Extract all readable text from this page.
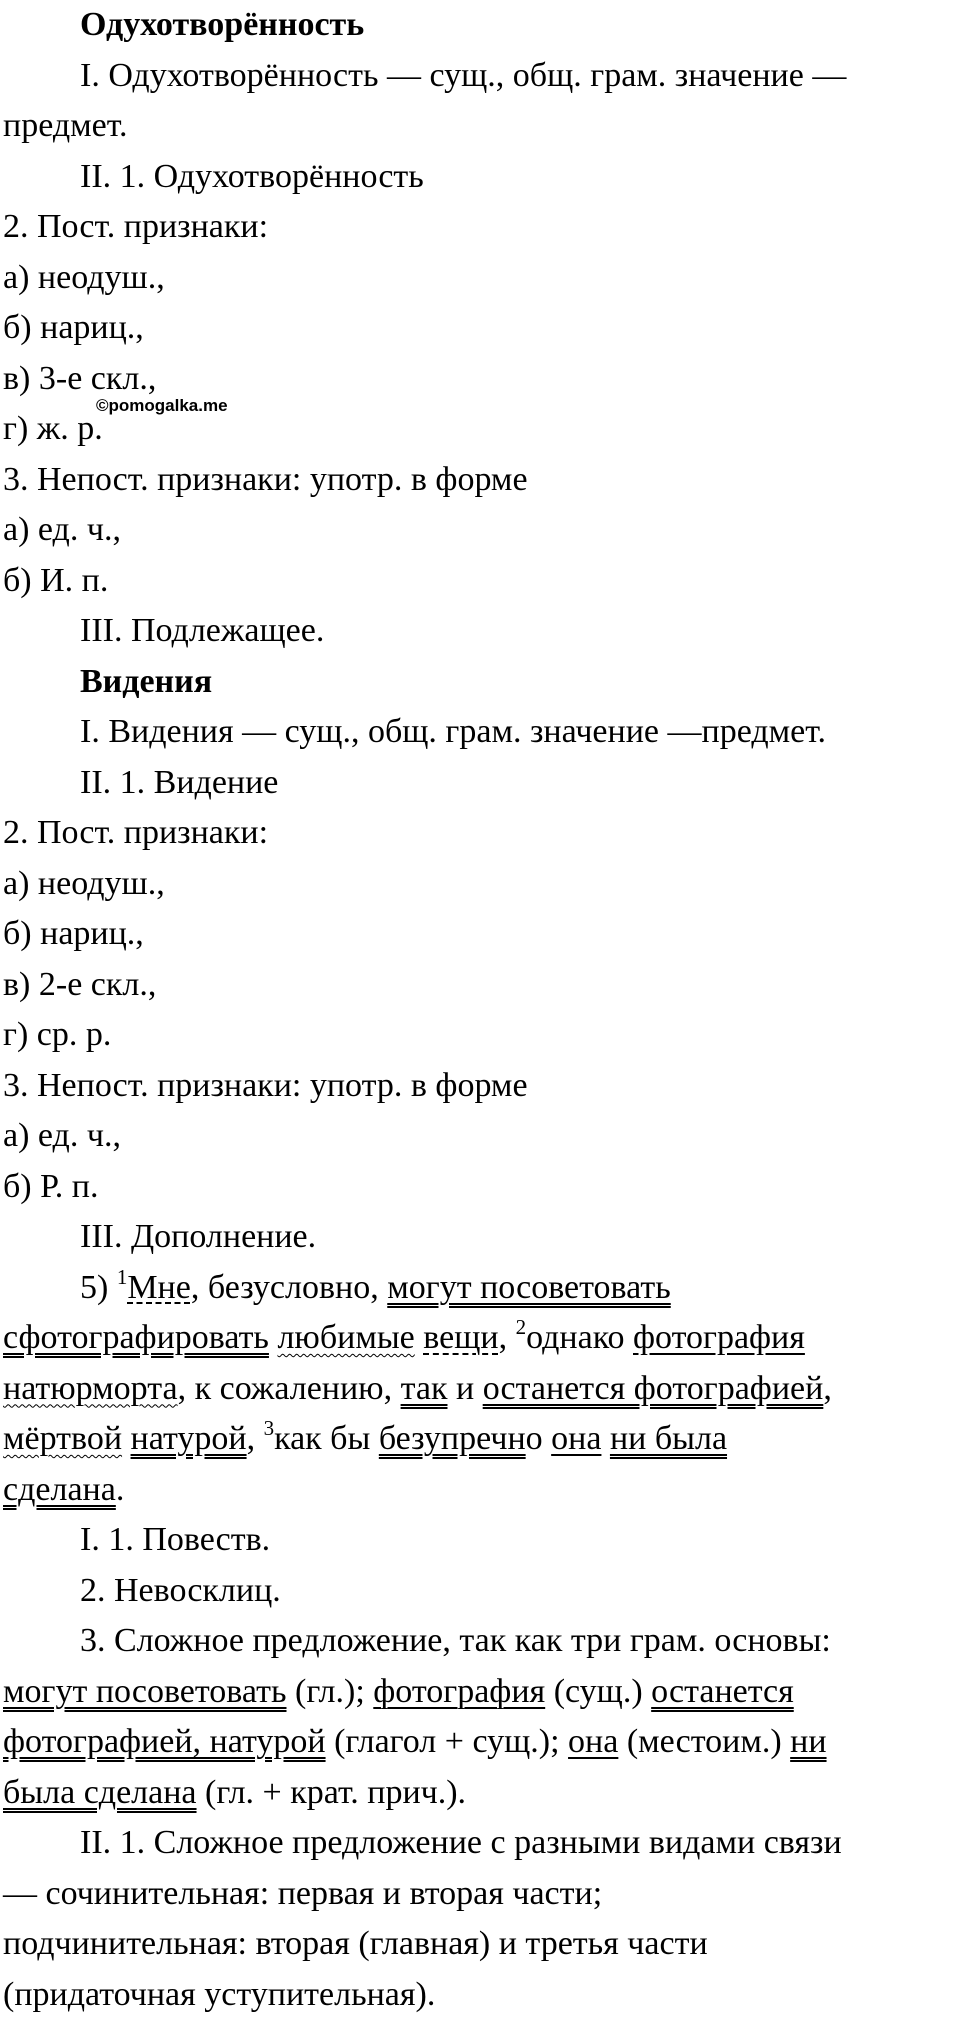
Одухотворённость
I. Одухотворённость — сущ., общ. грам. значение —
предмет.
II. 1. Одухотворённость
2. Пост. признаки:
а) неодуш.,
б) нариц.,
в) 3-е скл.,
г) ж. р.
3. Непост. признаки: употр. в форме
а) ед. ч.,
б) И. п.
III. Подлежащее.
Видения
I. Видения — сущ., общ. грам. значение —предмет.
II. 1. Видение
2. Пост. признаки:
а) неодуш.,
б) нариц.,
в) 2-е скл.,
г) ср. р.
3. Непост. признаки: употр. в форме
а) ед. ч.,
б) Р. п.
III. Дополнение.
5) $^1$Мне, безусловно, могут посоветовать
сфотографировать любимые вещи, $^2$однако фотография
натюрморта, к сожалению, так и останется фотографией,
мёртвой натурой, $^3$как бы безупречно она ни была
сделана.
I. 1. Повеств.
2. Невосклиц.
3. Сложное предложение, так как три грам. основы:
могут посоветовать (гл.); фотография (сущ.) останется
фотографией, натурой (глагол + сущ.); она (местоим.) ни
была сделана (гл. + крат. прич.).
II. 1. Сложное предложение с разными видами связи
— сочинительная: первая и вторая части;
подчинительная: вторая (главная) и третья части
(придаточная уступительная).
©pomogalka.me
